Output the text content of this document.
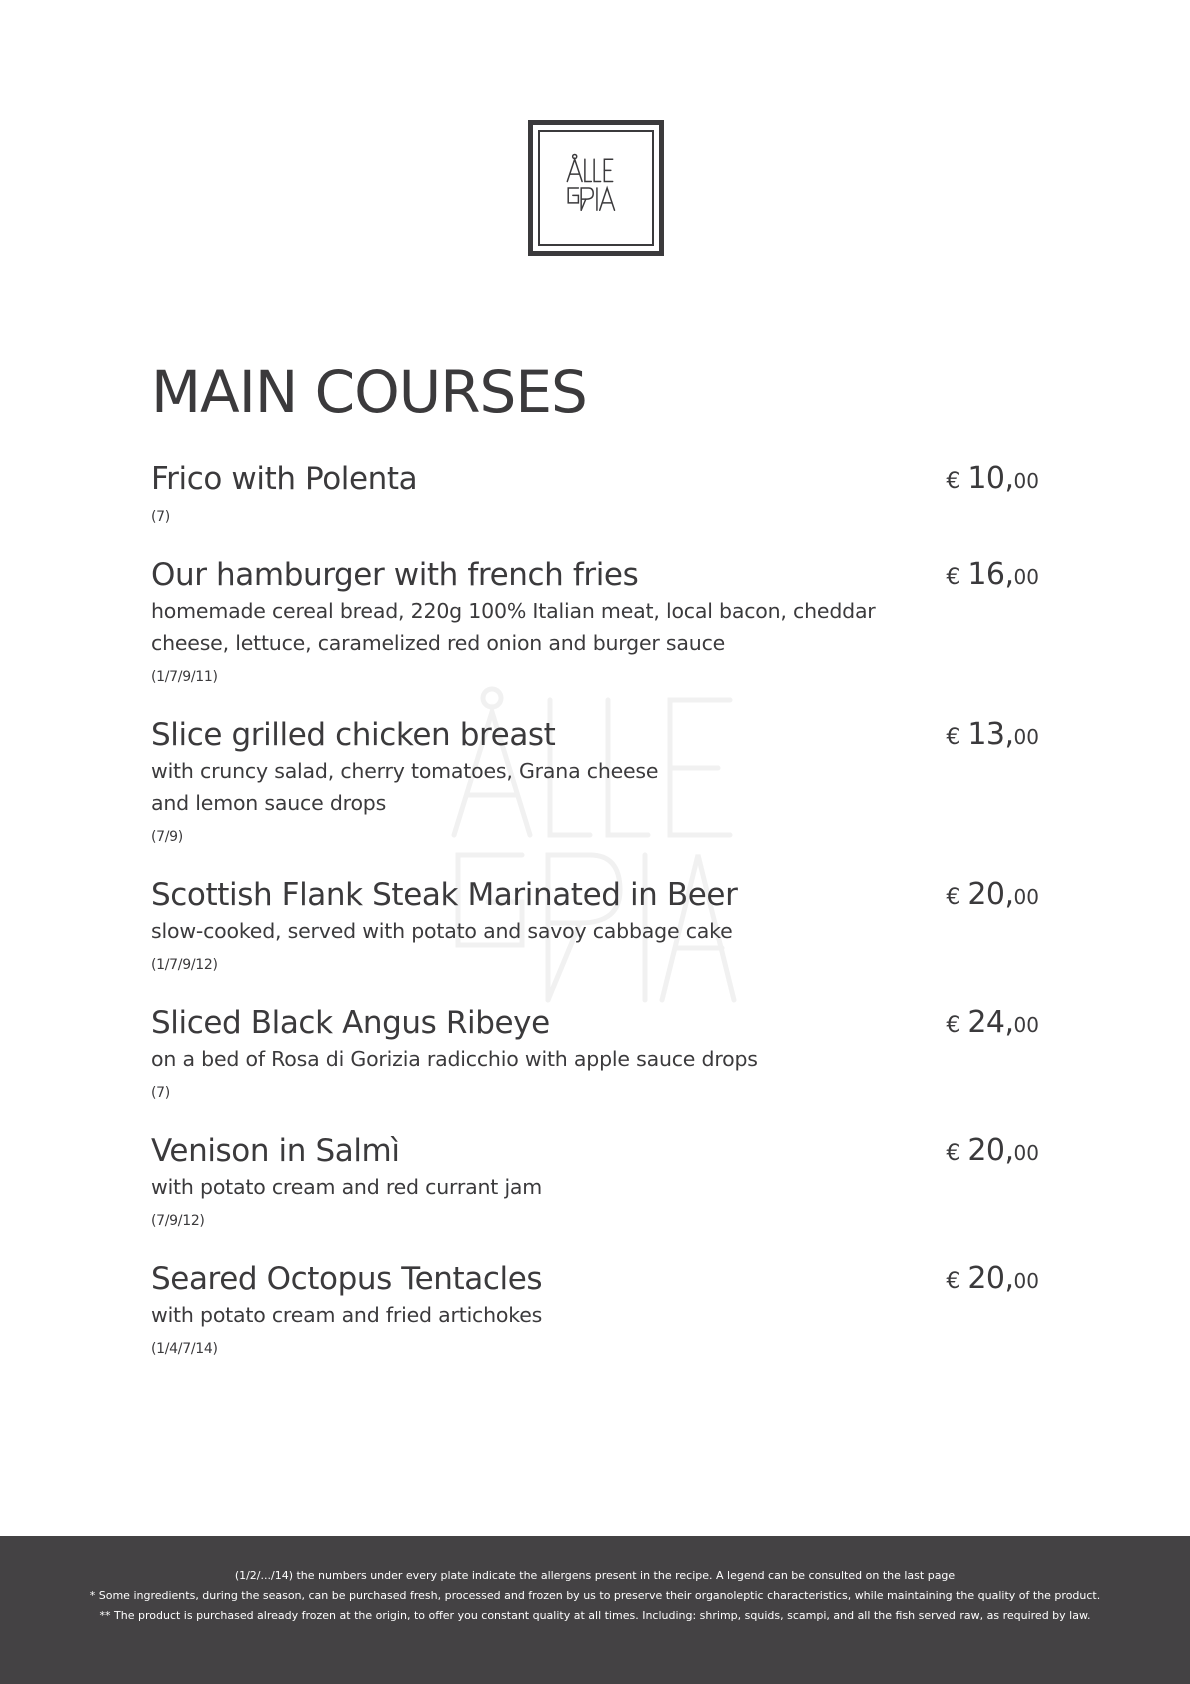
MAIN COURSES
Frico with Polenta
(7)
€ 10,00
Our hamburger with french fries
homemade cereal bread, 220g 100% Italian meat, local bacon, cheddar
cheese, lettuce, caramelized red onion and burger sauce
(1/7/9/11)
€ 16,00
Slice grilled chicken breast
with cruncy salad, cherry tomatoes, Grana cheese
and lemon sauce drops
(7/9)
€ 13,00
Scottish Flank Steak Marinated in Beer
slow-cooked, served with potato and savoy cabbage cake
(1/7/9/12)
€ 20,00
Sliced Black Angus Ribeye
on a bed of Rosa di Gorizia radicchio with apple sauce drops
(7)
€ 24,00
Venison in Salmì
with potato cream and red currant jam
(7/9/12)
€ 20,00
Seared Octopus Tentacles
with potato cream and fried artichokes
(1/4/7/14)
€ 20,00
(1/2/.../14) the numbers under every plate indicate the allergens present in the recipe. A legend can be consulted on the last page
* Some ingredients, during the season, can be purchased fresh, processed and frozen by us to preserve their organoleptic characteristics, while maintaining the quality of the product.
** The product is purchased already frozen at the origin, to offer you constant quality at all times. Including: shrimp, squids, scampi, and all the fish served raw, as required by law.
